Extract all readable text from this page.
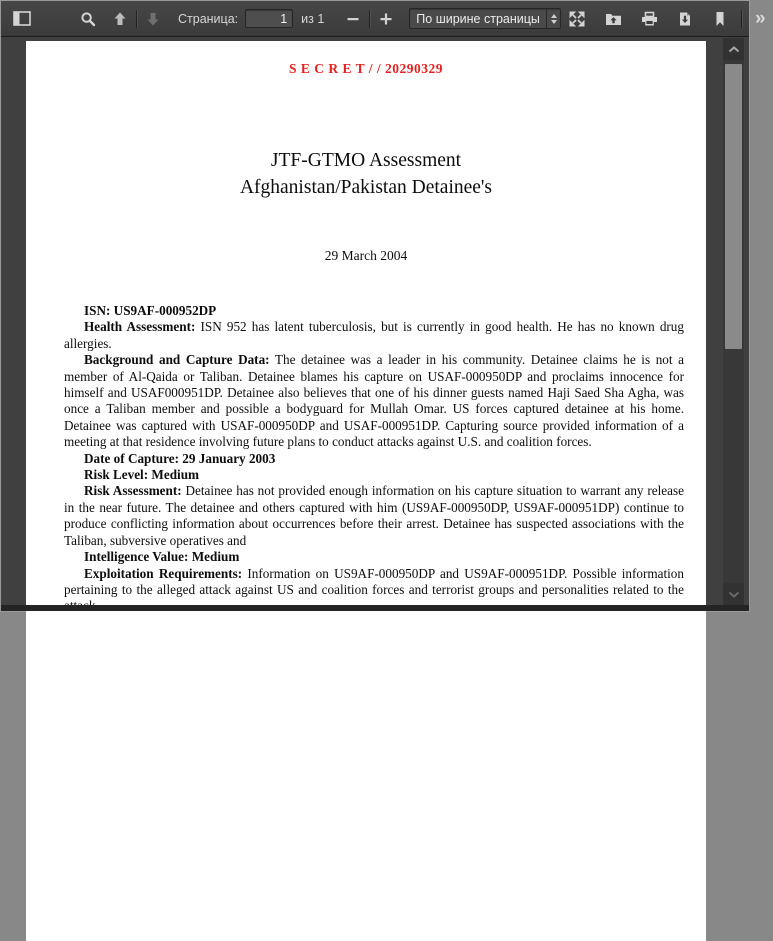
Страница:
1	из 1	По ширине страницы	»
S E C R E T / / 20290329
JTF-GTMO Assessment
Afghanistan/Pakistan Detainee's
29 March 2004

ISN: US9AF-000952DP

Health Assessment: ISN 952 has latent tuberculosis, but is currently in good health. He has no known drug allergies.

Background and Capture Data: The detainee was a leader in his community. Detainee claims he is not a member of Al-Qaida or Taliban. Detainee blames his capture on USAF-000950DP and proclaims innocence for himself and USAF000951DP. Detainee also believes that one of his dinner guests named Haji Saed Sha Agha, was once a Taliban member and possible a bodyguard for Mullah Omar. US forces captured detainee at his home. Detainee was captured with USAF-000950DP and USAF-000951DP. Capturing source provided information of a meeting at that residence involving future plans to conduct attacks against U.S. and coalition forces.

Date of Capture: 29 January 2003

Risk Level: Medium

Risk Assessment: Detainee has not provided enough information on his capture situation to warrant any release in the near future. The detainee and others captured with him (US9AF-000950DP, US9AF-000951DP) continue to produce conflicting information about occurrences before their arrest. Detainee has suspected associations with the Taliban, subversive operatives and

Intelligence Value: Medium

Exploitation Requirements: Information on US9AF-000950DP and US9AF-000951DP. Possible information pertaining to the alleged attack against US and coalition forces and terrorist groups and personalities related to the
